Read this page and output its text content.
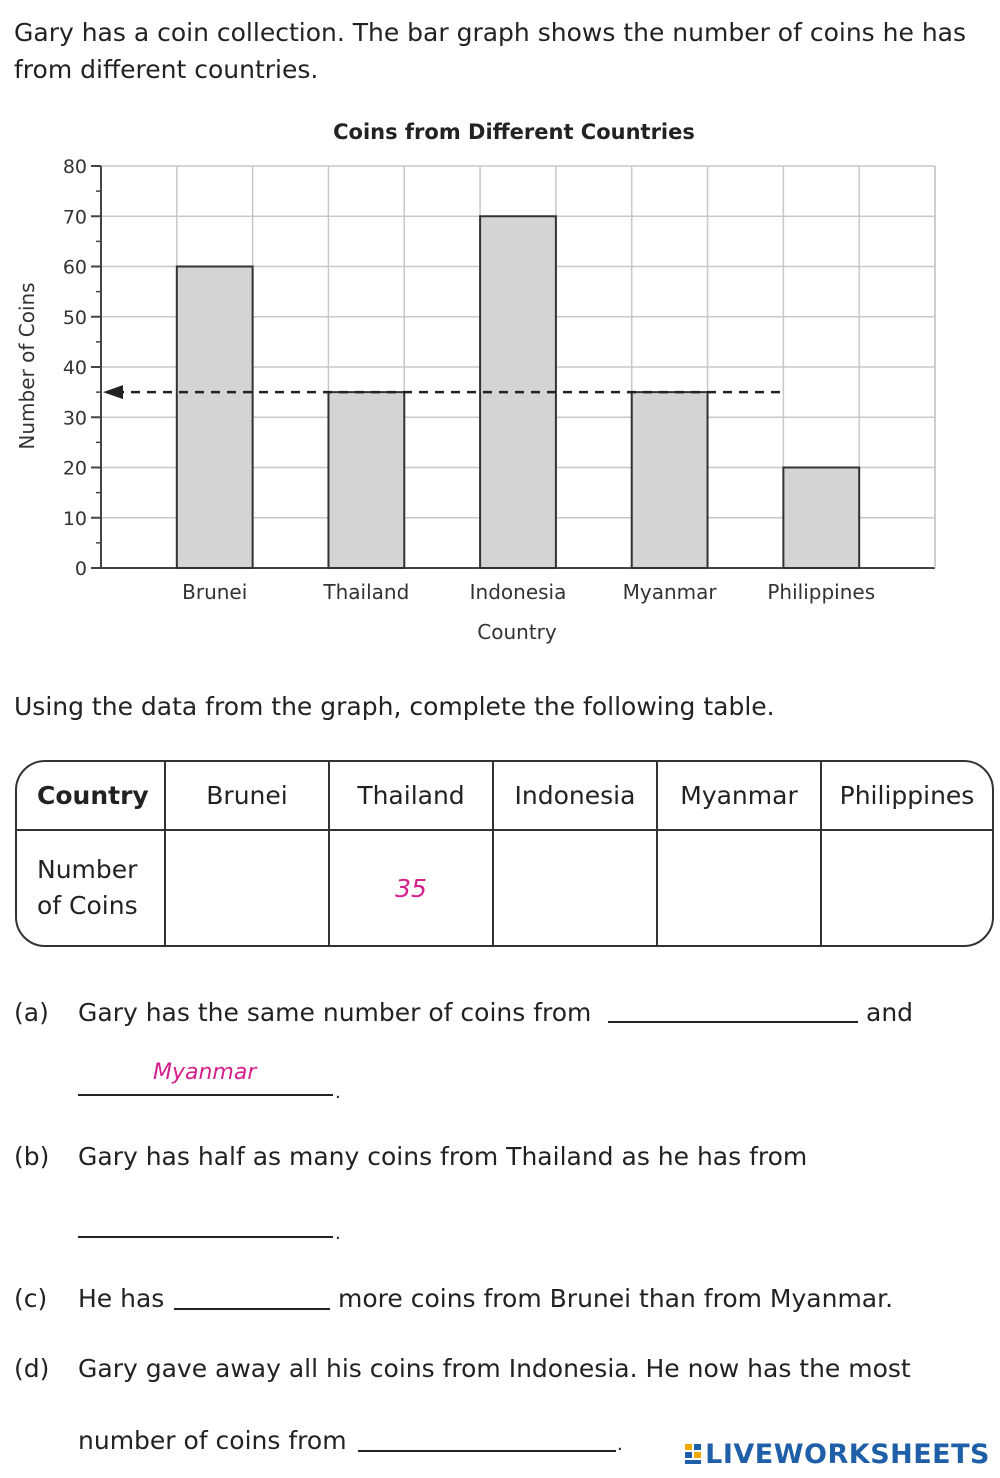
Gary has a coin collection. The bar graph shows the number of coins he has from different countries.
Coins from Different Countries
0
10
20
30
40
50
60
70
80
Brunei	Thailand	Indonesia	Myanmar	Philippines
Country
Number of Coins
Using the data from the graph, complete the following table.
Country	Brunei	Thailand	Indonesia	Myanmar	Philippines
Number
of Coins		35			
(a) Gary has the same number of coins from	and
Myanmar
.
(b) Gary has half as many coins from Thailand as he has from
.
(c) He has	more coins from Brunei than from Myanmar.
(d) Gary gave away all his coins from Indonesia. He now has the most
number of coins from	.	LIVEWORKSHEETS
